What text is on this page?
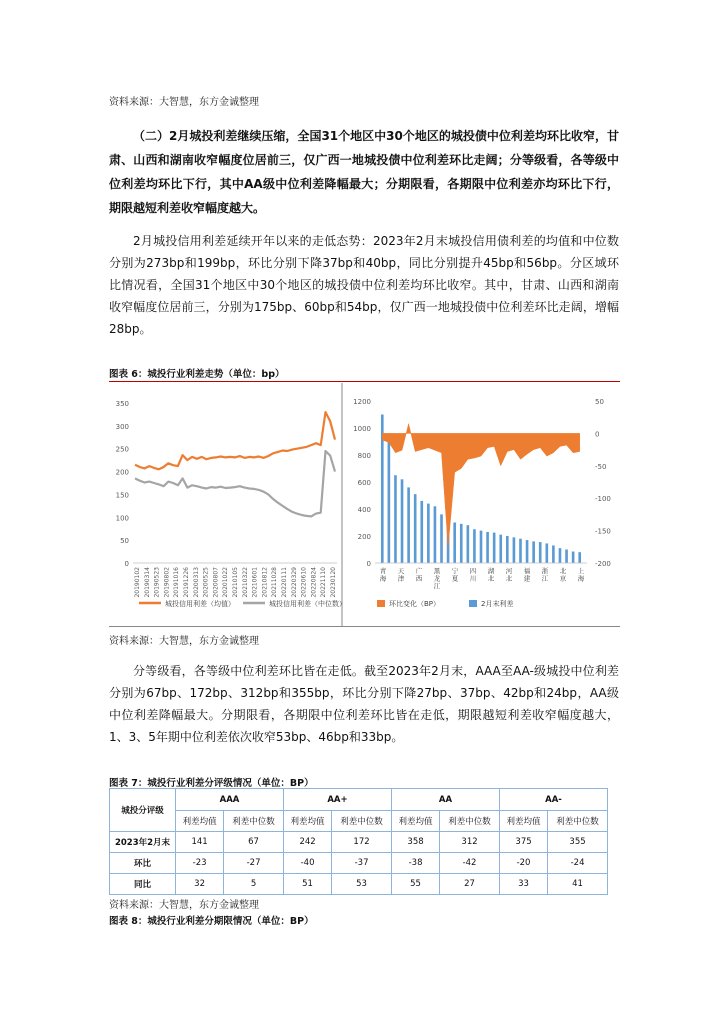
资料来源：大智慧，东方金诚整理
（二）2月城投利差继续压缩，全国31个地区中30个地区的城投债中位利差均环比收窄，甘肃、山西和湖南收窄幅度位居前三，仅广西一地城投债中位利差环比走阔；分等级看，各等级中位利差均环比下行，其中AA级中位利差降幅最大；分期限看，各期限中位利差亦均环比下行，期限越短利差收窄幅度越大。
2月城投信用利差延续开年以来的走低态势：2023年2月末城投信用债利差的均值和中位数分别为273bp和199bp，环比分别下降37bp和40bp，同比分别提升45bp和56bp。分区域环比情况看，全国31个地区中30个地区的城投债中位利差均环比收窄。其中，甘肃、山西和湖南收窄幅度位居前三，分别为175bp、60bp和54bp，仅广西一地城投债中位利差环比走阔，增幅28bp。
图表 6：城投行业利差走势（单位：bp）
350
300
250
200
150
100
50
0
20190102 20190314 20190523 20190802 20191016 20191226 20200313 20200525 20200807 20201022 20210105 20210322 20210601 20210812 20211028 20220111 20220329 20220610 20220824 20221110 20230120
城投信用利差（均值）	城投信用利差（中位数）
1200
1000
800
600
400
200
0
50
0
-50
-100
-150
-200
青海
天津
广西
黑龙江
宁夏
四川
湖北
河北
福建
浙江
北京
上海
环比变化（BP）	2月末利差
资料来源：大智慧，东方金诚整理
分等级看，各等级中位利差环比皆在走低。截至2023年2月末，AAA至AA-级城投中位利差分别为67bp、172bp、312bp和355bp，环比分别下降27bp、37bp、42bp和24bp，AA级中位利差降幅最大。分期限看，各期限中位利差环比皆在走低，期限越短利差收窄幅度越大，1、3、5年期中位利差依次收窄53bp、46bp和33bp。
图表 7：城投行业利差分评级情况（单位：BP）
城投分评级	AAA		AA+		AA		AA-	
	利差均值	利差中位数	利差均值	利差中位数	利差均值	利差中位数	利差均值	利差中位数
2023年2月末	141	67	242	172	358	312	375	355
环比	-23	-27	-40	-37	-38	-42	-20	-24
同比	32	5	51	53	55	27	33	41
资料来源：大智慧，东方金诚整理
图表 8：城投行业利差分期限情况（单位：BP）
